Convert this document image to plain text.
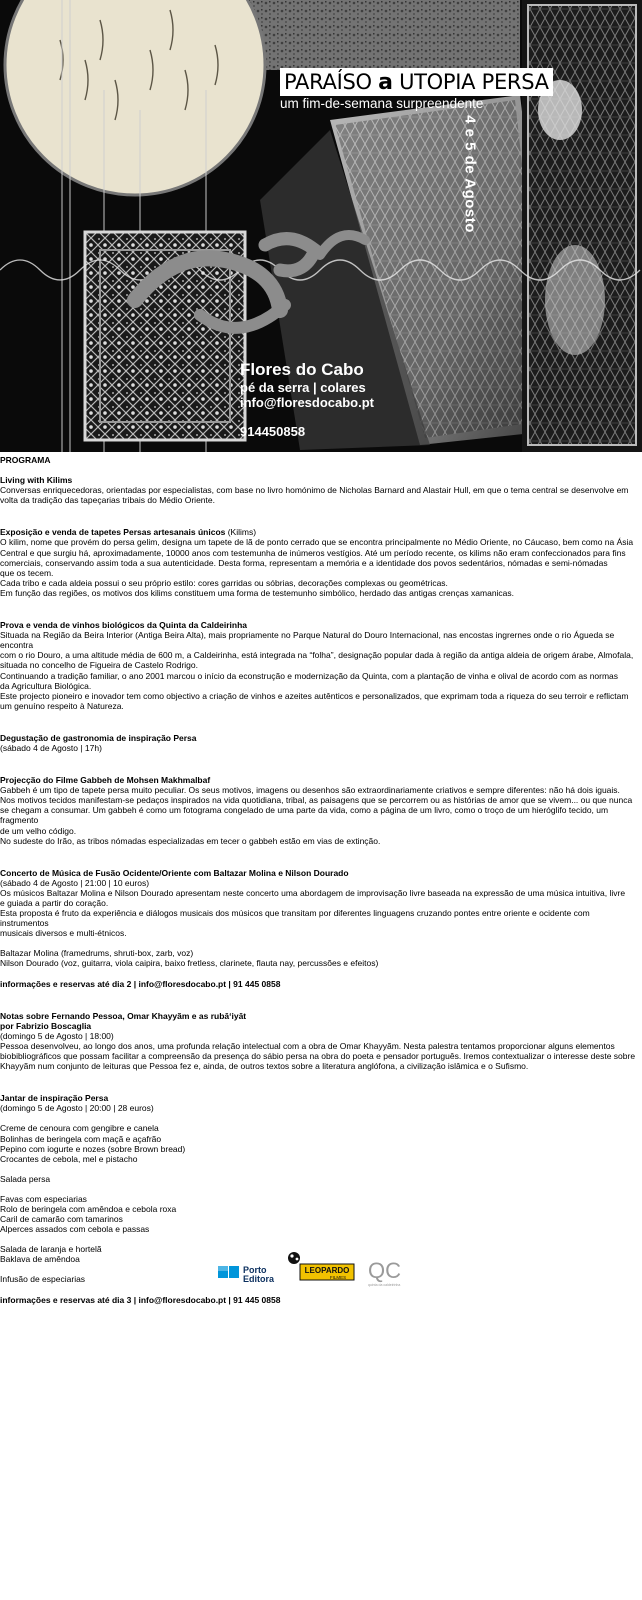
PARAÍSO a UTOPIA PERSA
um fim-de-semana surpreendente
4 e 5 de Agosto
Flores do Cabo
pé da serra | colares
info@floresdocabo.pt
914450858

PROGRAMA

Living with Kilims

Conversas enriquecedoras, orientadas por especialistas, com base no livro homónimo de Nicholas Barnard and Alastair Hull, em que o tema central se desenvolve em volta da tradição das tapeçarias tribais do Médio Oriente.

Exposição e venda de tapetes Persas artesanais únicos (Kilims)

O kilim, nome que provém do persa gelim, designa um tapete de lã de ponto cerrado que se encontra principalmente no Médio Oriente, no Cáucaso, bem como na Ásia

Central e que surgiu há, aproximadamente, 10000 anos com testemunha de inúmeros vestígios. Até um período recente, os kilims não eram confeccionados para fins

comerciais, conservando assim toda a sua autenticidade. Desta forma, representam a memória e a identidade dos povos sedentários, nómadas e semi-nómadas

que os tecem.

Cada tribo e cada aldeia possui o seu próprio estilo: cores garridas ou sóbrias, decorações complexas ou geométricas.

Em função das regiões, os motivos dos kilims constituem uma forma de testemunho simbólico, herdado das antigas crenças xamanicas.

Prova e venda de vinhos biológicos da Quinta da Caldeirinha

Situada na Região da Beira Interior (Antiga Beira Alta), mais propriamente no Parque Natural do Douro Internacional, nas encostas ingrernes onde o rio Águeda se encontra

com o rio Douro, a uma altitude média de 600 m, a Caldeirinha, está integrada na “folha”, designação popular dada à região da antiga aldeia de origem árabe, Almofala,

situada no concelho de Figueira de Castelo Rodrigo.

Continuando a tradição familiar, o ano 2001 marcou o início da econstrução e modernização da Quinta, com a plantação de vinha e olival de acordo com as normas

da Agricultura Biológica.

Este projecto pioneiro e inovador tem como objectivo a criação de vinhos e azeites autênticos e personalizados, que exprimam toda a riqueza do seu terroir e reflictam

um genuíno respeito à Natureza.

Degustação de gastronomia de inspiração Persa

(sábado 4 de Agosto | 17h)

Projecção do Filme Gabbeh de Mohsen Makhmalbaf

Gabbeh é um tipo de tapete persa muito peculiar. Os seus motivos, imagens ou desenhos são extraordinariamente criativos e sempre diferentes: não há dois iguais.

Nos motivos tecidos manifestam-se pedaços inspirados na vida quotidiana, tribal, as paisagens que se percorrem ou as histórias de amor que se vivem... ou que nunca

se chegam a consumar. Um gabbeh é como um fotograma congelado de uma parte da vida, como a página de um livro, como o troço de um hieróglifo tecido, um fragmento

de um velho código.

No sudeste do Irão, as tribos nómadas especializadas em tecer o gabbeh estão em vias de extinção.

Concerto de Música de Fusão Ocidente/Oriente com Baltazar Molina e Nilson Dourado

(sábado 4 de Agosto | 21:00 | 10 euros)

Os músicos Baltazar Molina e Nilson Dourado apresentam neste concerto uma abordagem de improvisação livre baseada na expressão de uma música intuitiva, livre

e guiada a partir do coração.

Esta proposta é fruto da experiência e diálogos musicais dos músicos que transitam por diferentes linguagens cruzando pontes entre oriente e ocidente com instrumentos

musicais diversos e multi-étnicos.

Baltazar Molina (framedrums, shruti-box, zarb, voz)

Nilson Dourado (voz, guitarra, viola caipira, baixo fretless, clarinete, flauta nay, percussões e efeitos)

informações e reservas até dia 2 | info@floresdocabo.pt | 91 445 0858

Notas sobre Fernando Pessoa, Omar Khayyãm e as rubā‘iyāt

por Fabrizio Boscaglia

(domingo 5 de Agosto | 18:00)

Pessoa desenvolveu, ao longo dos anos, uma profunda relação intelectual com a obra de Omar Khayyãm. Nesta palestra tentamos proporcionar alguns elementos

biobibliográficos que possam facilitar a compreensão da presença do sábio persa na obra do poeta e pensador português. Iremos contextualizar o interesse deste sobre

Khayyãm num conjunto de leituras que Pessoa fez e, ainda, de outros textos sobre a literatura anglófona, a civilização islâmica e o Sufismo.

Jantar de inspiração Persa

(domingo 5 de Agosto | 20:00 | 28 euros)

Creme de cenoura com gengibre e canela

Bolinhas de beringela com maçã e açafrão

Pepino com iogurte e nozes (sobre Brown bread)

Crocantes de cebola, mel e pistacho

Salada persa

Favas com especiarias

Rolo de beringela com amêndoa e cebola roxa

Caril de camarão com tamarinos

Alperces assados com cebola e passas

Salada de laranja e hortelã

Baklava de amêndoa

Infusão de especiarias

informações e reservas até dia 3 | info@floresdocabo.pt | 91 445 0858

Porto
Editora
LEOPARDO
FILMES QC
quinta da caldeirinha
